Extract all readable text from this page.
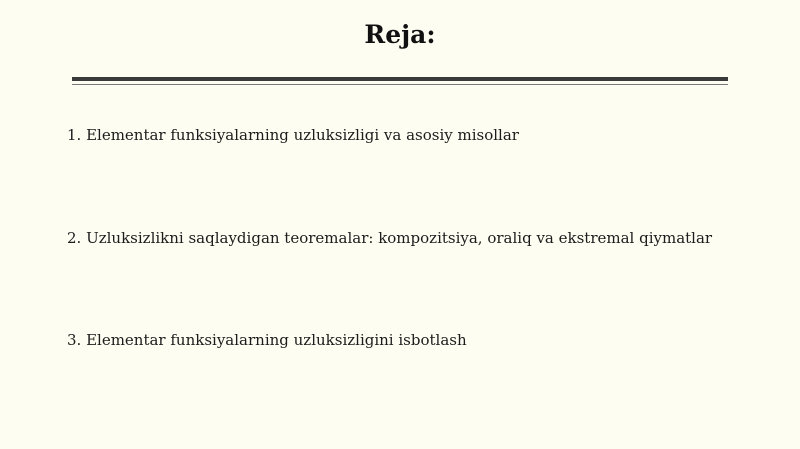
Reja:

1. Elementar funksiyalarning uzluksizligi va asosiy misollar

2. Uzluksizlikni saqlaydigan teoremalar: kompozitsiya, oraliq va ekstremal qiymatlar

3. Elementar funksiyalarning uzluksizligini isbotlash
